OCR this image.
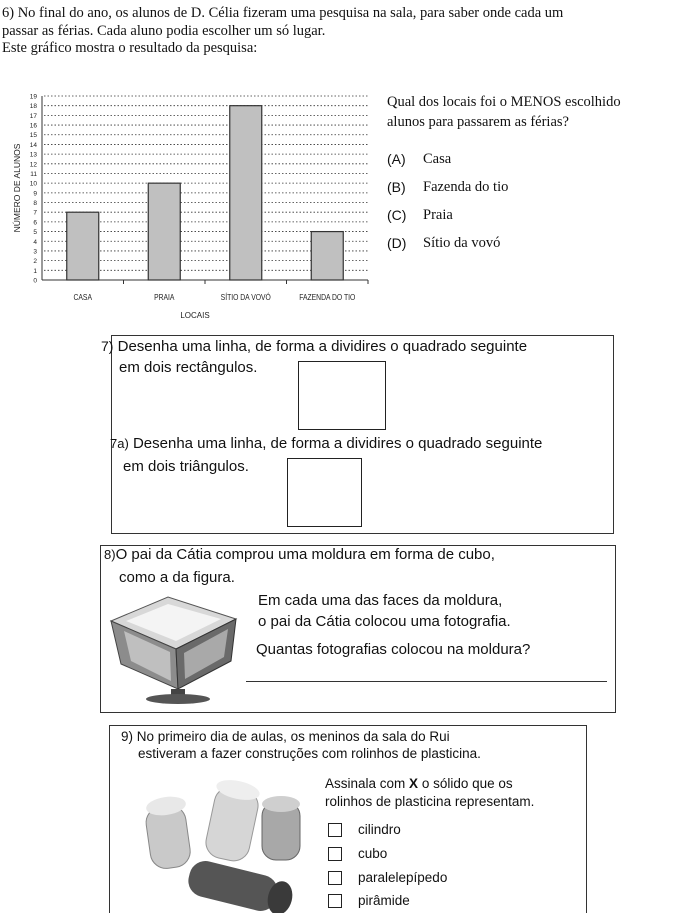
6) No final do ano, os alunos de D. Célia fizeram uma pesquisa na sala, para saber onde cada um
passar as férias. Cada aluno podia escolher um só lugar.
Este gráfico mostra o resultado da pesquisa:
0
1
2
3
4
5
6
7
8
9
10
11
12
13
14
15
16
17
18
19
CASA	PRAIA	SÍTIO DA VOVÓ	FAZENDA DO TIO
LOCAIS
NÚMERO DE ALUNOS
Qual dos locais foi o MENOS escolhido
alunos para passarem as férias?
(A) Casa
(B) Fazenda do tio
(C) Praia
(D) Sítio da vovó
7) Desenha uma linha, de forma a dividires o quadrado seguinte
em dois rectângulos.
7a) Desenha uma linha, de forma a dividires o quadrado seguinte
em dois triângulos.
8)O pai da Cátia comprou uma moldura em forma de cubo,
como a da figura.
Em cada uma das faces da moldura,
o pai da Cátia colocou uma fotografia.
Quantas fotografias colocou na moldura?
9) No primeiro dia de aulas, os meninos da sala do Rui
estiveram a fazer construções com rolinhos de plasticina.
Assinala com X o sólido que os
rolinhos de plasticina representam.
cilindro
cubo
paralelepípedo
pirâmide
